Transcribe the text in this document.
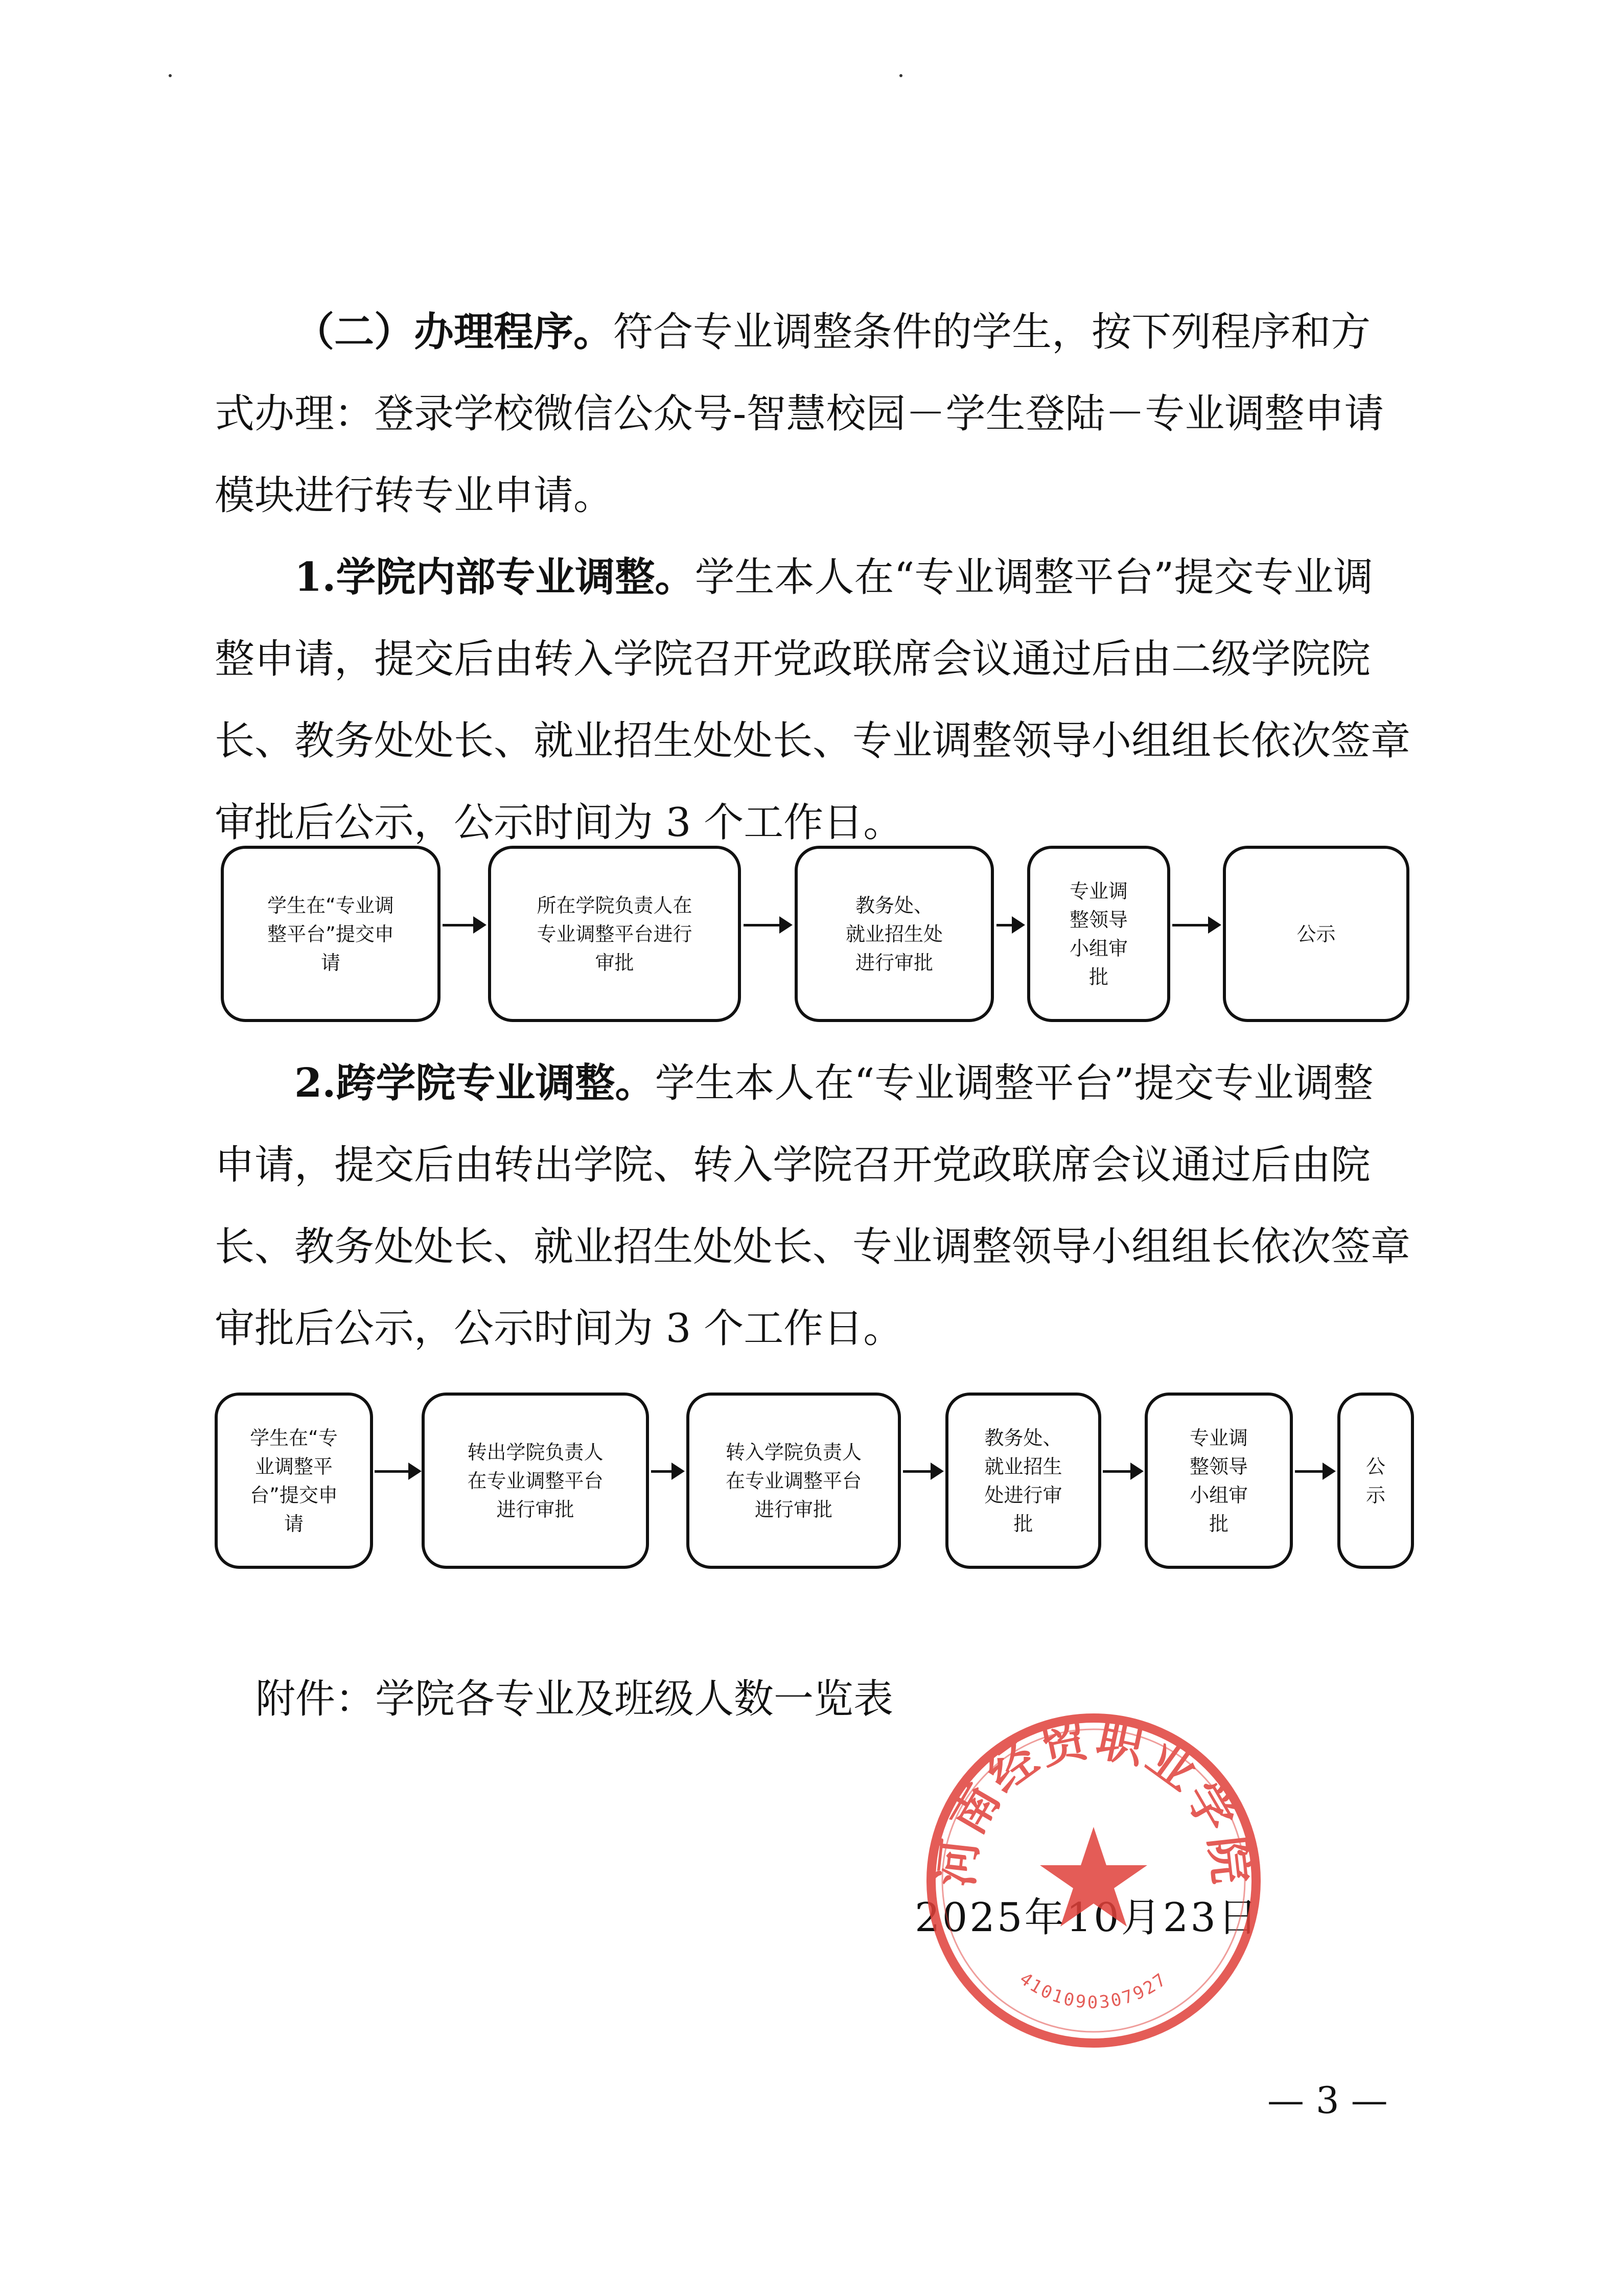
（二）办理程序。符合专业调整条件的学生，按下列程序和方式办理：登录学校微信公众号-智慧校园－学生登陆－专业调整申请模块进行转专业申请。

1.学院内部专业调整。学生本人在“专业调整平台”提交专业调整申请，提交后由转入学院召开党政联席会议通过后由二级学院院长、教务处处长、就业招生处处长、专业调整领导小组组长依次签章审批后公示，公示时间为 3 个工作日。

学生在“专业调
整平台”提交申
请
所在学院负责人在
专业调整平台进行
审批
教务处、
就业招生处
进行审批
专业调
整领导
小组审
批
公示

2.跨学院专业调整。学生本人在“专业调整平台”提交专业调整申请，提交后由转出学院、转入学院召开党政联席会议通过后由院长、教务处处长、就业招生处处长、专业调整领导小组组长依次签章审批后公示，公示时间为 3 个工作日。

学生在“专
业调整平
台”提交申
请
转出学院负责人
在专业调整平台
进行审批
转入学院负责人
在专业调整平台
进行审批
教务处、
就业招生
处进行审
批
专业调
整领导
小组审
批
公
示
附件：学院各专业及班级人数一览表
2025年10月23日
河南经贸职业学院
4101090307927
— 3 —
